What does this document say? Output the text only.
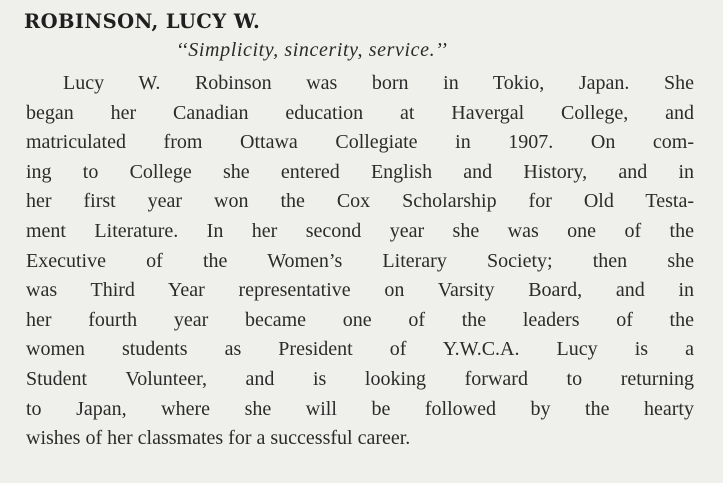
ROBINSON, LUCY W.
‘‘Simplicity, sincerity, service.’’
Lucy W. Robinson was born in Tokio, Japan. She
began her Canadian education at Havergal College, and
matriculated from Ottawa Collegiate in 1907. On com-
ing to College she entered English and History, and in
her first year won the Cox Scholarship for Old Testa-
ment Literature. In her second year she was one of the
Executive of the Women’s Literary Society; then she
was Third Year representative on Varsity Board, and in
her fourth year became one of the leaders of the
women students as President of Y.W.C.A. Lucy is a
Student Volunteer, and is looking forward to returning
to Japan, where she will be followed by the hearty
wishes of her classmates for a successful career.
